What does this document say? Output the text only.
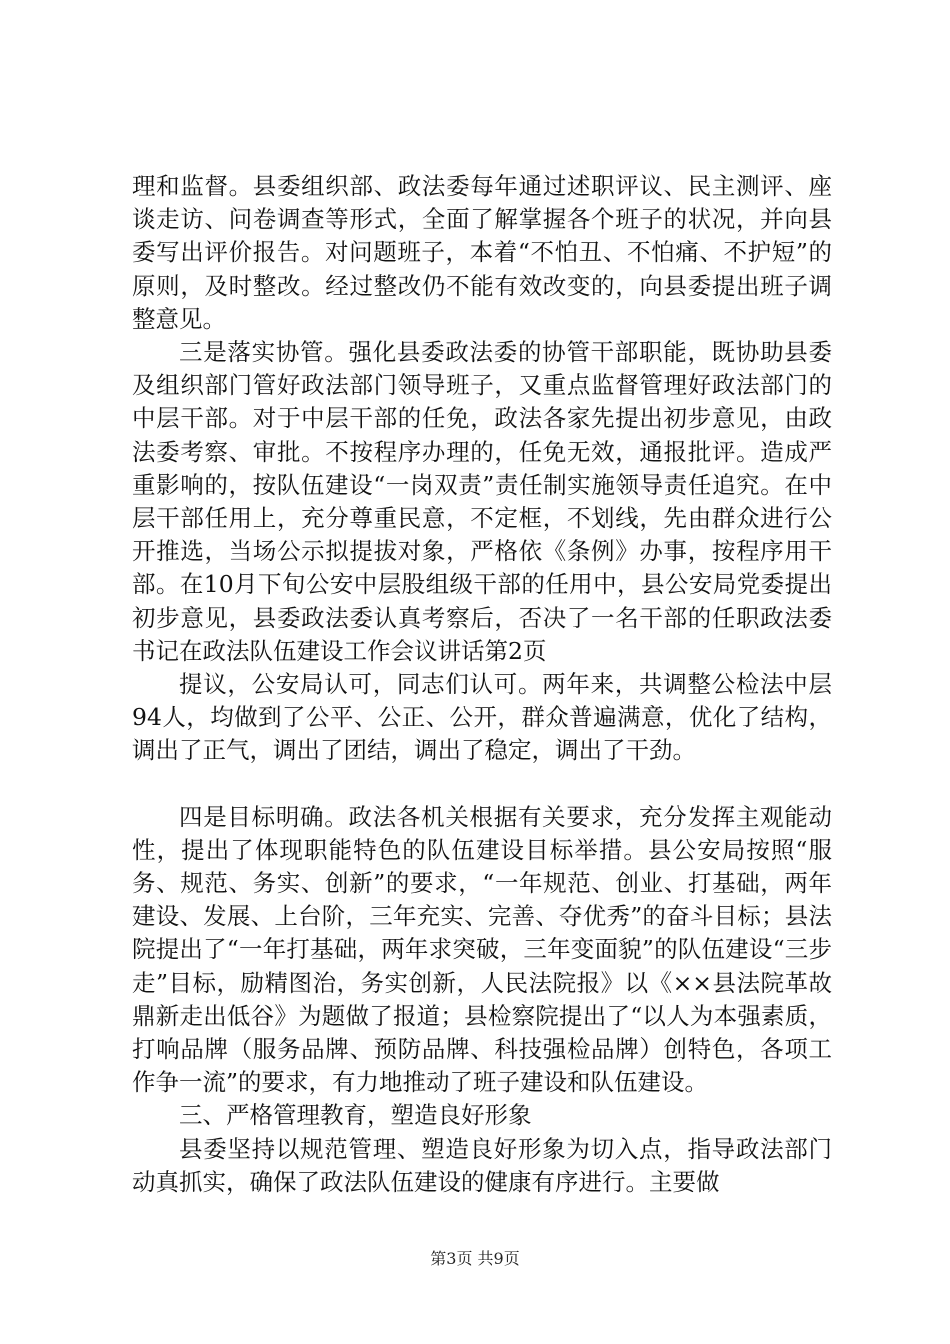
理和监督。县委组织部、政法委每年通过述职评议、民主测评、座谈走访、问卷调查等形式，全面了解掌握各个班子的状况，并向县委写出评价报告。对问题班子，本着“不怕丑、不怕痛、不护短”的原则，及时整改。经过整改仍不能有效改变的，向县委提出班子调整意见。

三是落实协管。强化县委政法委的协管干部职能，既协助县委及组织部门管好政法部门领导班子，又重点监督管理好政法部门的中层干部。对于中层干部的任免，政法各家先提出初步意见，由政法委考察、审批。不按程序办理的，任免无效，通报批评。造成严重影响的，按队伍建设“一岗双责”责任制实施领导责任追究。在中层干部任用上，充分尊重民意，不定框，不划线，先由群众进行公开推选，当场公示拟提拔对象，严格依《条例》办事，按程序用干部。在10月下旬公安中层股组级干部的任用中，县公安局党委提出初步意见，县委政法委认真考察后，否决了一名干部的任职政法委书记在政法队伍建设工作会议讲话第2页

提议，公安局认可，同志们认可。两年来，共调整公检法中层94人，均做到了公平、公正、公开，群众普遍满意，优化了结构，调出了正气，调出了团结，调出了稳定，调出了干劲。

四是目标明确。政法各机关根据有关要求，充分发挥主观能动性，提出了体现职能特色的队伍建设目标举措。县公安局按照“服务、规范、务实、创新”的要求，“一年规范、创业、打基础，两年建设、发展、上台阶，三年充实、完善、夺优秀”的奋斗目标；县法院提出了“一年打基础，两年求突破，三年变面貌”的队伍建设“三步走”目标，励精图治，务实创新，人民法院报》以《××县法院革故鼎新走出低谷》为题做了报道；县检察院提出了“以人为本强素质，打响品牌（服务品牌、预防品牌、科技强检品牌）创特色，各项工作争一流”的要求，有力地推动了班子建设和队伍建设。

三、严格管理教育，塑造良好形象

县委坚持以规范管理、塑造良好形象为切入点，指导政法部门动真抓实，确保了政法队伍建设的健康有序进行。主要做

第3页 共9页
